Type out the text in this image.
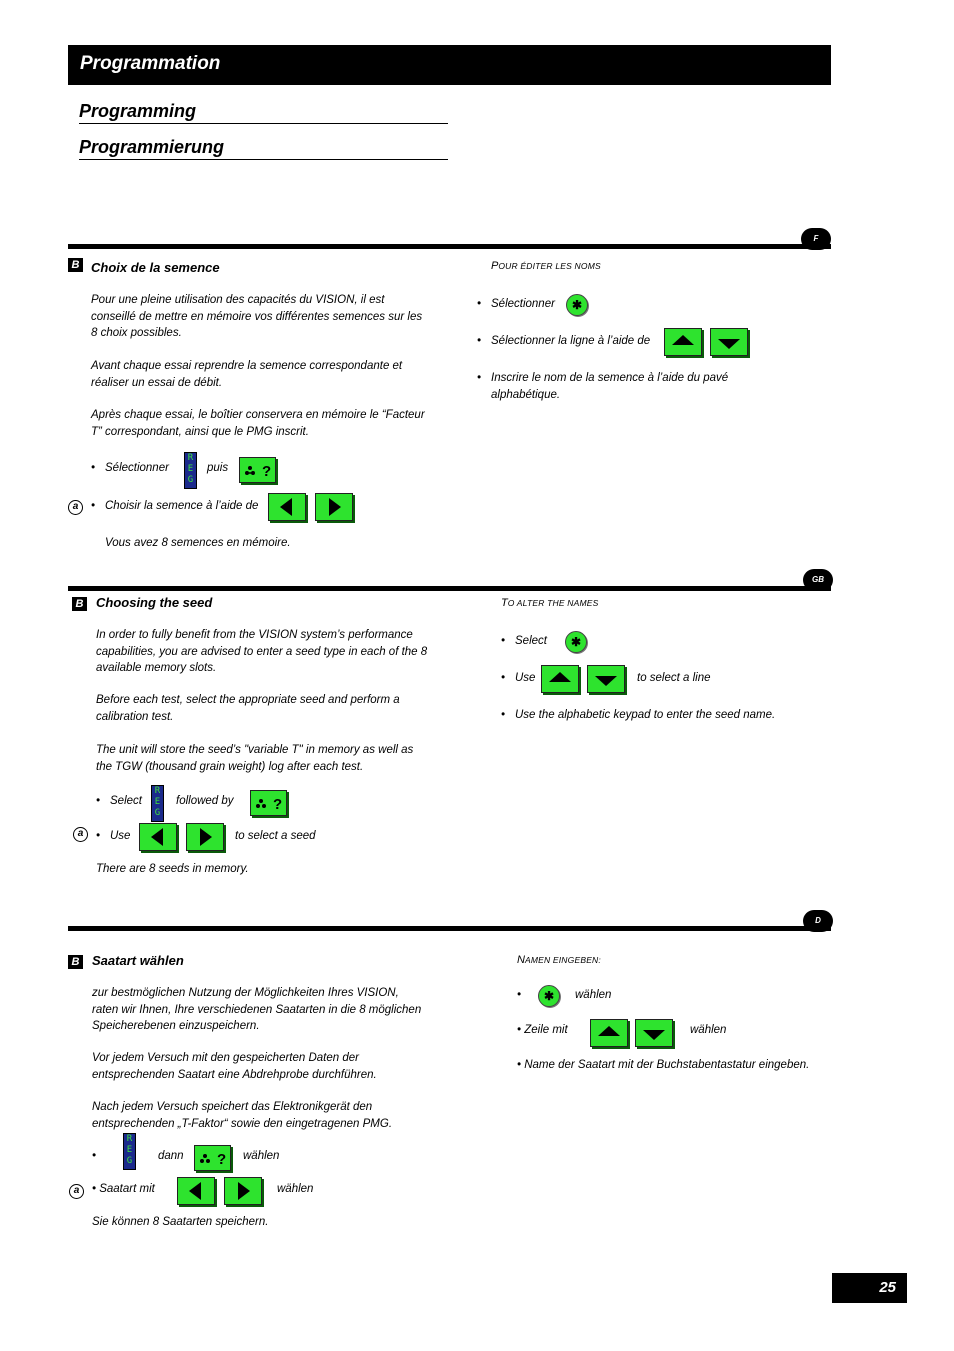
Programmation
Programming
Programmierung
F
B Choix de la semence
Pour une pleine utilisation des capacités du VISION, il est conseillé de mettre en mémoire vos différentes semences sur les 8 choix possibles.
Avant chaque essai reprendre la semence correspondante et réaliser un essai de débit.
Après chaque essai, le boîtier conservera en mémoire le “Facteur T” correspondant, ainsi que le PMG inscrit.
• Sélectionner
R
E
G
puis ?
a	• Choisir la semence à l’aide de
Vous avez 8 semences en mémoire.
POUR ÉDITER LES NOMS
• Sélectionner	✱
• Sélectionner la ligne à l’aide de
• Inscrire le nom de la semence à l’aide du pavé alphabétique.
GB
B Choosing the seed
In order to fully benefit from the VISION system’s performance capabilities, you are advised to enter a seed type in each of the 8 available memory slots.
Before each test, select the appropriate seed and perform a calibration test.
The unit will store the seed’s "variable T" in memory as well as the TGW (thousand grain weight) log after each test.
• Select
R
E
G
followed by	?
a	• Use	to select a seed
There are 8 seeds in memory.
TO ALTER THE NAMES
• Select	✱
• Use	to select a line
• Use the alphabetic keypad to enter the seed name.
D
B Saatart wählen
zur bestmöglichen Nutzung der Möglichkeiten Ihres VISION, raten wir Ihnen, Ihre verschiedenen Saatarten in die 8 möglichen Speicherebenen einzuspeichern.
Vor jedem Versuch mit den gespeicherten Daten der entsprechenden Saatart eine Abdrehprobe durchführen.
Nach jedem Versuch speichert das Elektronikgerät den entsprechenden „T-Faktor“ sowie den eingetragenen PMG.
•
R
E
G	dann ? wählen
a	• Saatart mit	wählen
Sie können 8 Saatarten speichern.
NAMEN EINGEBEN:
•	✱	wählen
• Zeile mit	wählen
• Name der Saatart mit der Buchstabentastatur eingeben.
25
